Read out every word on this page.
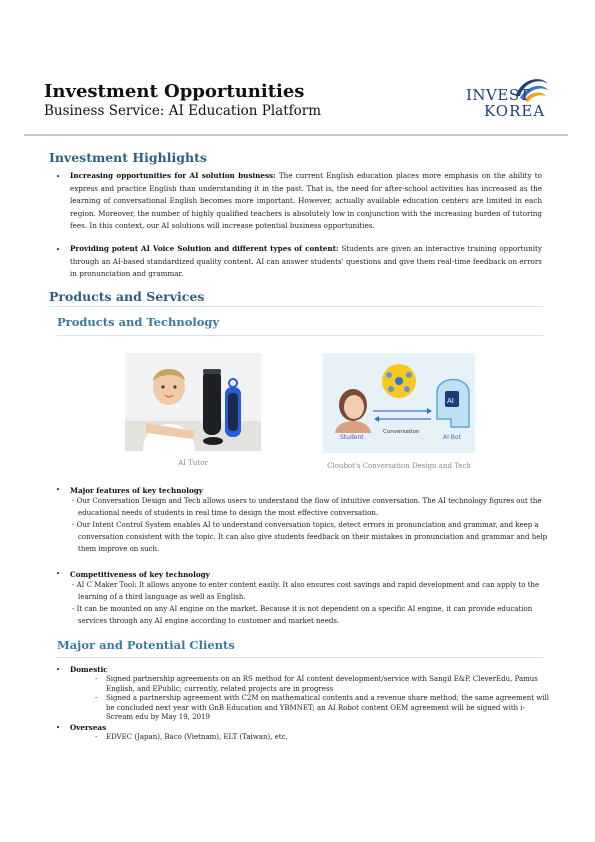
Investment Opportunities
Business Service: AI Education Platform
INVEST
KOREA
Investment Highlights
• Increasing opportunities for AI solution business: The current English education places more emphasis on the ability to express and practice English than understanding it in the past. That is, the need for after-school activities has increased as the learning of conversational English becomes more important. However, actually available education centers are limited in each region. Moreover, the number of highly qualified teachers is absolutely low in conjunction with the increasing burden of tutoring fees. In this context, our AI solutions will increase potential business opportunities.
• Providing potent AI Voice Solution and different types of content: Students are given an interactive training opportunity through an AI-based standardized quality content. AI can answer students' questions and give them real-time feedback on errors in pronunciation and grammar.
Products and Services
Products and Technology
AI Tutor
Student
Conversation
AI
AI Bot
Cloubot's Conversation Design and Tech
• Major features of key technology
- Our Conversation Design and Tech allows users to understand the flow of intuitive conversation. The AI technology figures out the
educational needs of students in real time to design the most effective conversation.
- Our Intent Control System enables AI to understand conversation topics, detect errors in pronunciation and grammar, and keep a
conversation consistent with the topic. It can also give students feedback on their mistakes in pronunciation and grammar and help
them improve on such.
• Competitiveness of key technology
- AI C Maker Tool: It allows anyone to enter content easily. It also ensures cost savings and rapid development and can apply to the
learning of a third language as well as English.
- It can be mounted on any AI engine on the market. Because it is not dependent on a specific AI engine, it can provide education
services through any AI engine according to customer and market needs.
Major and Potential Clients
• Domestic
- Signed partnership agreements on an RS method for AI content development/service with Sangil E&P, CleverEdu, Pamus English, and EPublic; currently, related projects are in progress
- Signed a partnership agreement with C2M on mathematical contents and a revenue share method; the same agreement will be concluded next year with GnB Education and YBMNET; an AI Robot content OEM agreement will be signed with i-Scream edu by May 19, 2019
• Overseas
- EDVEC (Japan), Baco (Vietnam), ELT (Taiwan), etc.
